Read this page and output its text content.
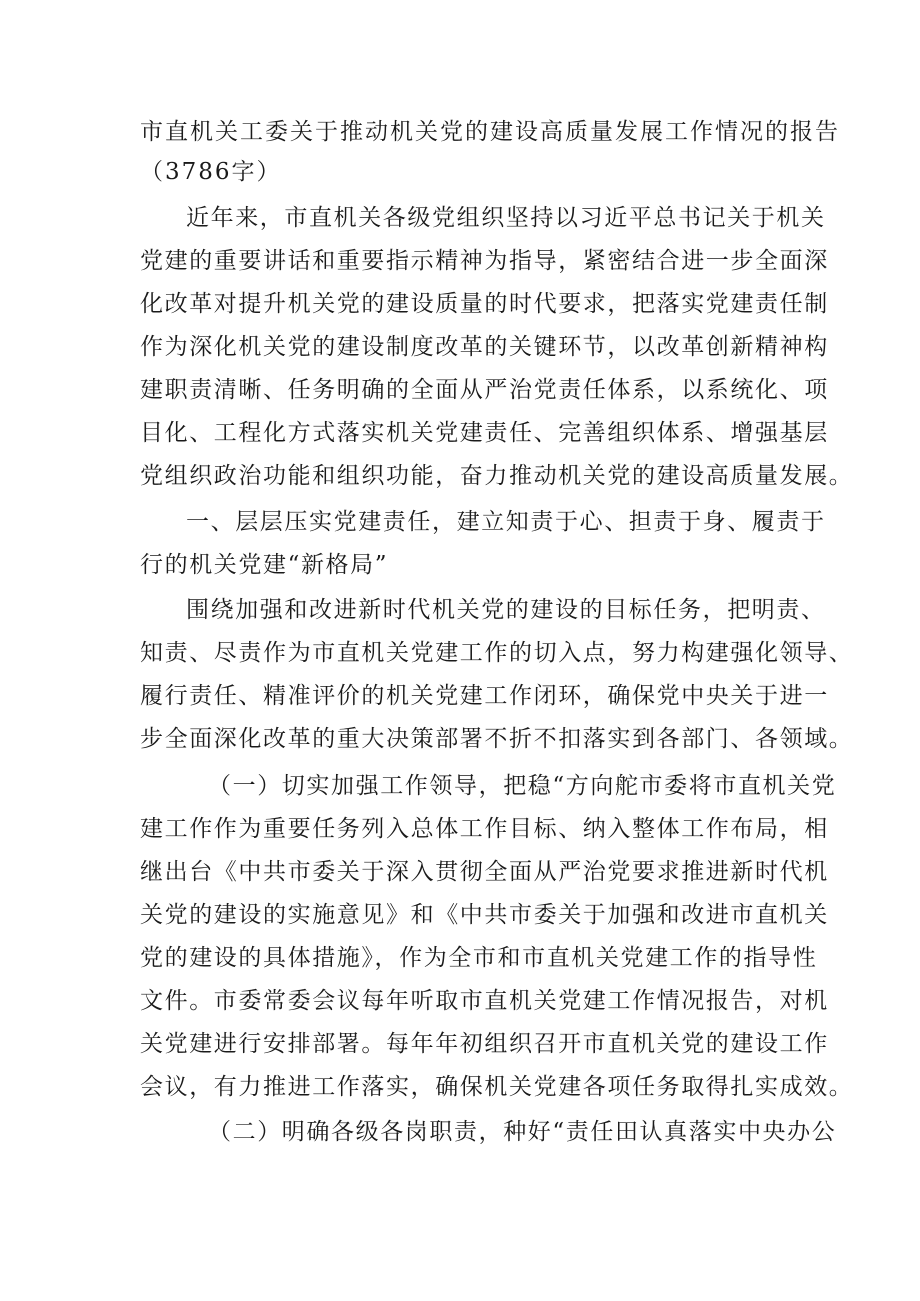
市直机关工委关于推动机关党的建设高质量发展工作情况的报告
（3786字）
近年来，市直机关各级党组织坚持以习近平总书记关于机关
党建的重要讲话和重要指示精神为指导，紧密结合进一步全面深
化改革对提升机关党的建设质量的时代要求，把落实党建责任制
作为深化机关党的建设制度改革的关键环节，以改革创新精神构
建职责清晰、任务明确的全面从严治党责任体系，以系统化、项
目化、工程化方式落实机关党建责任、完善组织体系、增强基层
党组织政治功能和组织功能，奋力推动机关党的建设高质量发展。
一、层层压实党建责任，建立知责于心、担责于身、履责于
行的机关党建“新格局”
围绕加强和改进新时代机关党的建设的目标任务，把明责、
知责、尽责作为市直机关党建工作的切入点，努力构建强化领导、
履行责任、精准评价的机关党建工作闭环，确保党中央关于进一
步全面深化改革的重大决策部署不折不扣落实到各部门、各领域。
（一）切实加强工作领导，把稳“方向舵市委将市直机关党
建工作作为重要任务列入总体工作目标、纳入整体工作布局，相
继出台《中共市委关于深入贯彻全面从严治党要求推进新时代机
关党的建设的实施意见》和《中共市委关于加强和改进市直机关
党的建设的具体措施》，作为全市和市直机关党建工作的指导性
文件。市委常委会议每年听取市直机关党建工作情况报告，对机
关党建进行安排部署。每年年初组织召开市直机关党的建设工作
会议，有力推进工作落实，确保机关党建各项任务取得扎实成效。
（二）明确各级各岗职责，种好“责任田认真落实中央办公
